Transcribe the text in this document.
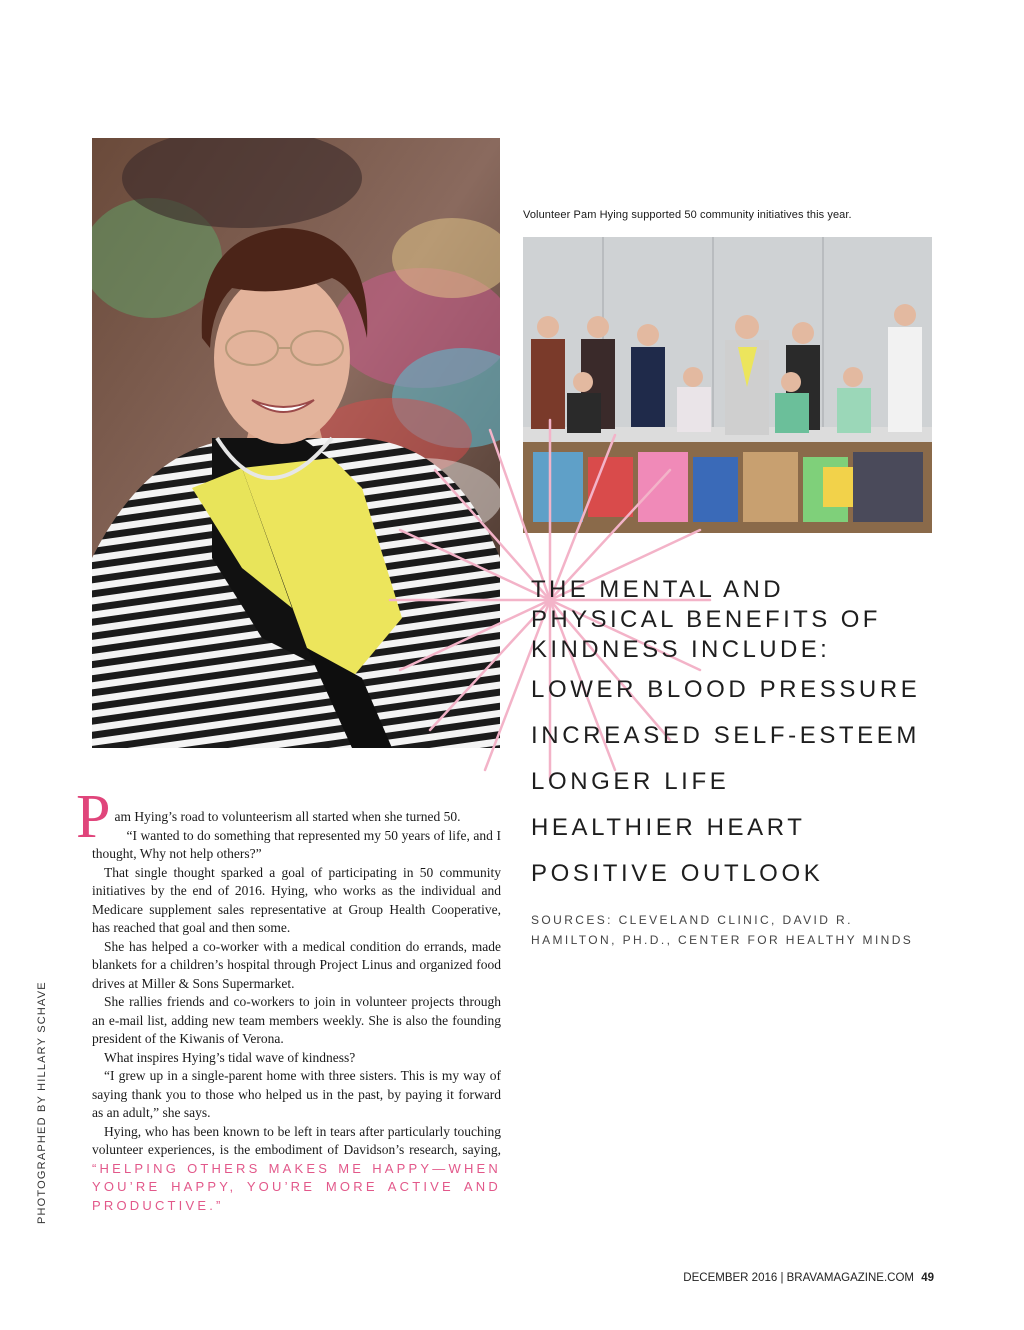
Volunteer Pam Hying supported 50 community initiatives this year.
THE MENTAL AND
PHYSICAL BENEFITS OF
KINDNESS INCLUDE:
LOWER BLOOD PRESSURE
INCREASED SELF-ESTEEM
LONGER LIFE
HEALTHIER HEART
POSITIVE OUTLOOK
SOURCES: CLEVELAND CLINIC, DAVID R.
HAMILTON, PH.D., CENTER FOR HEALTHY MINDS
P am Hying’s road to volunteerism all started when she turned 50.

“I wanted to do something that represented my 50 years of life, and I thought, Why not help others?”

That single thought sparked a goal of participating in 50 community initiatives by the end of 2016. Hying, who works as the individual and Medicare supplement sales representative at Group Health Cooperative, has reached that goal and then some.

She has helped a co-worker with a medical condition do errands, made blankets for a children’s hospital through Project Linus and organized food drives at Miller & Sons Supermarket.

She rallies friends and co-workers to join in volunteer projects through an e-mail list, adding new team members weekly. She is also the founding president of the Kiwanis of Verona.

What inspires Hying’s tidal wave of kindness?

“I grew up in a single-parent home with three sisters. This is my way of saying thank you to those who helped us in the past, by paying it forward as an adult,” she says.

Hying, who has been known to be left in tears after particularly touching volunteer experiences, is the embodiment of Davidson’s research, saying, “HELPING OTHERS MAKES ME HAPPY—WHEN YOU’RE HAPPY, YOU’RE MORE ACTIVE AND PRODUCTIVE.”

PHOTOGRAPHED BY HILLARY SCHAVE
DECEMBER 2016 | BRAVAMAGAZINE.COM 49
